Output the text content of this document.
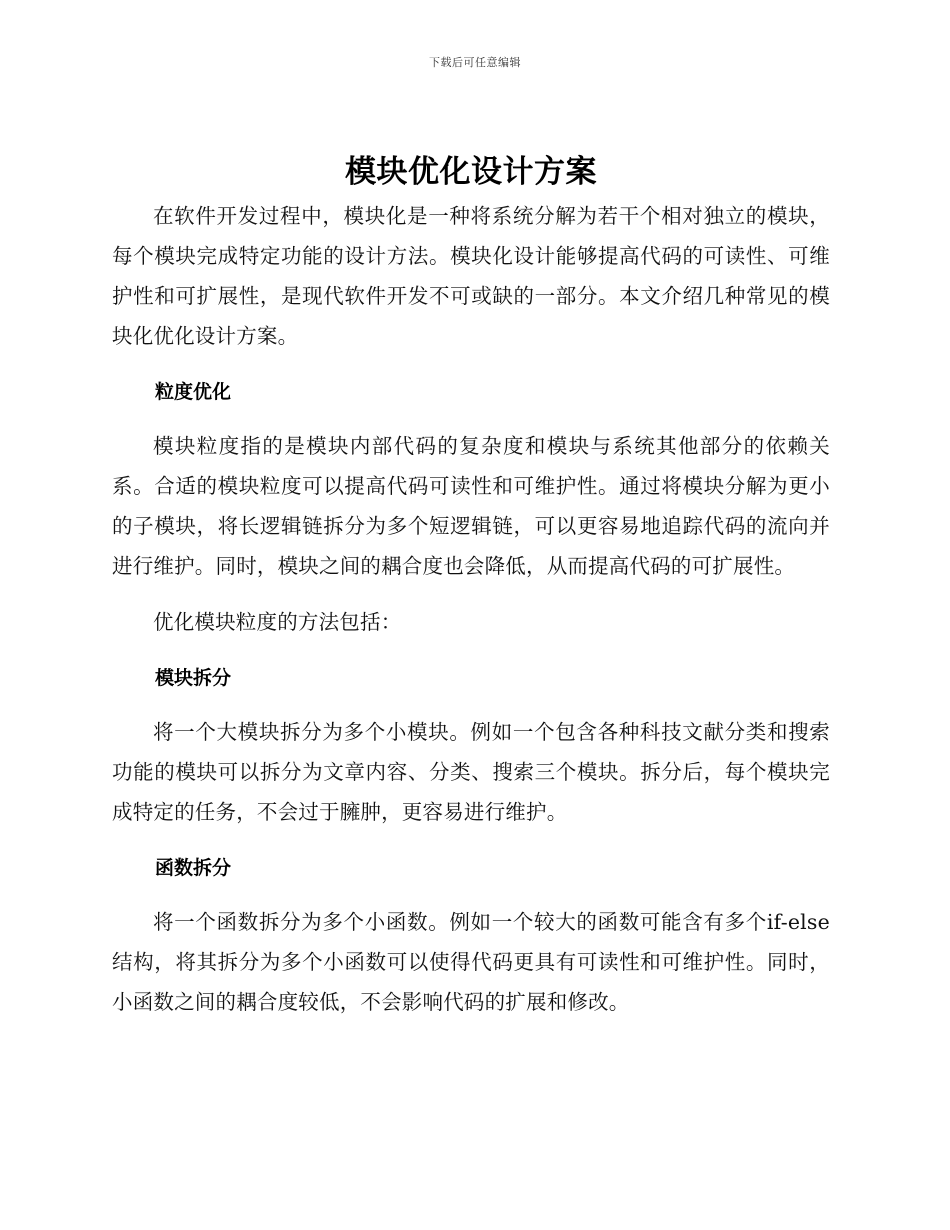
下载后可任意编辑
模块优化设计方案

在软件开发过程中，模块化是一种将系统分解为若干个相对独立的模块，每个模块完成特定功能的设计方法。模块化设计能够提高代码的可读性、可维护性和可扩展性，是现代软件开发不可或缺的一部分。本文介绍几种常见的模块化优化设计方案。

粒度优化

模块粒度指的是模块内部代码的复杂度和模块与系统其他部分的依赖关系。合适的模块粒度可以提高代码可读性和可维护性。通过将模块分解为更小的子模块，将长逻辑链拆分为多个短逻辑链，可以更容易地追踪代码的流向并进行维护。同时，模块之间的耦合度也会降低，从而提高代码的可扩展性。

优化模块粒度的方法包括：

模块拆分

将一个大模块拆分为多个小模块。例如一个包含各种科技文献分类和搜索功能的模块可以拆分为文章内容、分类、搜索三个模块。拆分后，每个模块完成特定的任务，不会过于臃肿，更容易进行维护。

函数拆分

将一个函数拆分为多个小函数。例如一个较大的函数可能含有多个if-else结构，将其拆分为多个小函数可以使得代码更具有可读性和可维护性。同时，小函数之间的耦合度较低，不会影响代码的扩展和修改。
